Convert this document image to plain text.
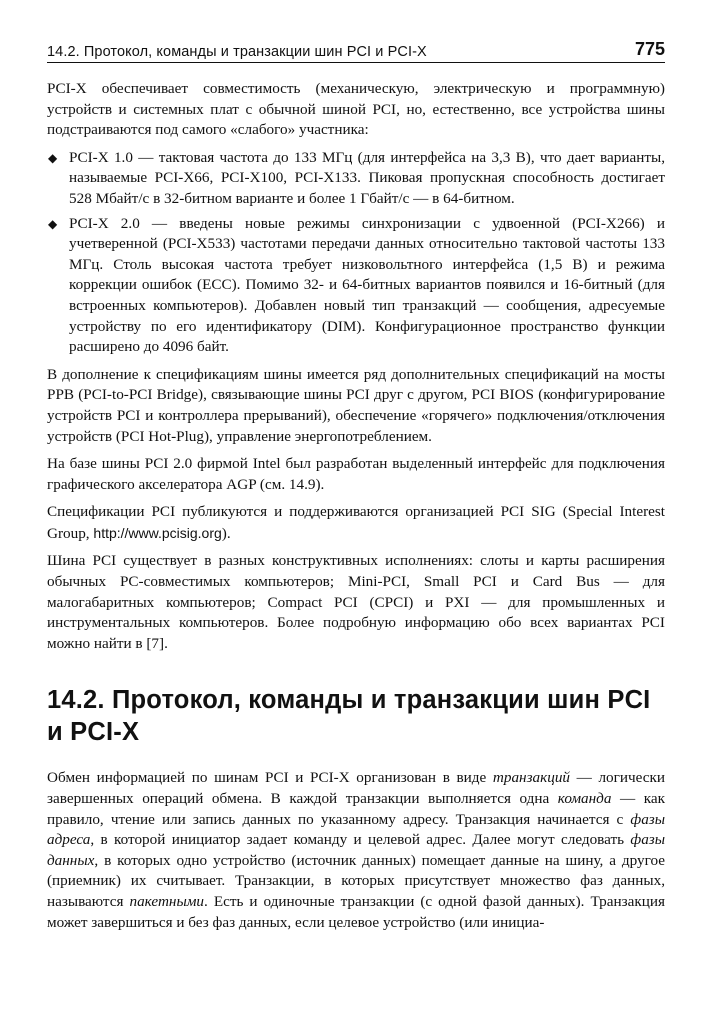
14.2. Протокол, команды и транзакции шин PCI и PCI-X	775

PCI-X обеспечивает совместимость (механическую, электрическую и программную) устройств и системных плат с обычной шиной PCI, но, естественно, все устройства шины подстраиваются под самого «слабого» участника:

◆ PCI-X 1.0 — тактовая частота до 133 МГц (для интерфейса на 3,3 В), что дает варианты, называемые PCI-X66, PCI-X100, PCI-X133. Пиковая пропускная способность достигает 528 Мбайт/с в 32-битном варианте и более 1 Гбайт/с — в 64-битном.
◆ PCI-X 2.0 — введены новые режимы синхронизации с удвоенной (PCI-X266) и учетверенной (PCI-X533) частотами передачи данных относительно тактовой частоты 133 МГц. Столь высокая частота требует низковольтного интерфейса (1,5 В) и режима коррекции ошибок (ECC). Помимо 32- и 64-битных вариантов появился и 16-битный (для встроенных компьютеров). Добавлен новый тип транзакций — сообщения, адресуемые устройству по его идентификатору (DIM). Конфигурационное пространство функции расширено до 4096 байт.

В дополнение к спецификациям шины имеется ряд дополнительных спецификаций на мосты PPB (PCI-to-PCI Bridge), связывающие шины PCI друг с другом, PCI BIOS (конфигурирование устройств PCI и контроллера прерываний), обеспечение «горячего» подключения/отключения устройств (PCI Hot-Plug), управление энергопотреблением.

На базе шины PCI 2.0 фирмой Intel был разработан выделенный интерфейс для подключения графического акселератора AGP (см. 14.9).

Спецификации PCI публикуются и поддерживаются организацией PCI SIG (Special Interest Group, http://www.pcisig.org).

Шина PCI существует в разных конструктивных исполнениях: слоты и карты расширения обычных PC-совместимых компьютеров; Mini-PCI, Small PCI и Card Bus — для малогабаритных компьютеров; Compact PCI (CPCI) и PXI — для промышленных и инструментальных компьютеров. Более подробную информацию обо всех вариантах PCI можно найти в [7].

14.2. Протокол, команды и транзакции шин PCI и PCI-X

Обмен информацией по шинам PCI и PCI-X организован в виде транзакций — логически завершенных операций обмена. В каждой транзакции выполняется одна команда — как правило, чтение или запись данных по указанному адресу. Транзакция начинается с фазы адреса, в которой инициатор задает команду и целевой адрес. Далее могут следовать фазы данных, в которых одно устройство (источник данных) помещает данные на шину, а другое (приемник) их считывает. Транзакции, в которых присутствует множество фаз данных, называются пакетными. Есть и одиночные транзакции (с одной фазой данных). Транзакция может завершиться и без фаз данных, если целевое устройство (или инициа-
